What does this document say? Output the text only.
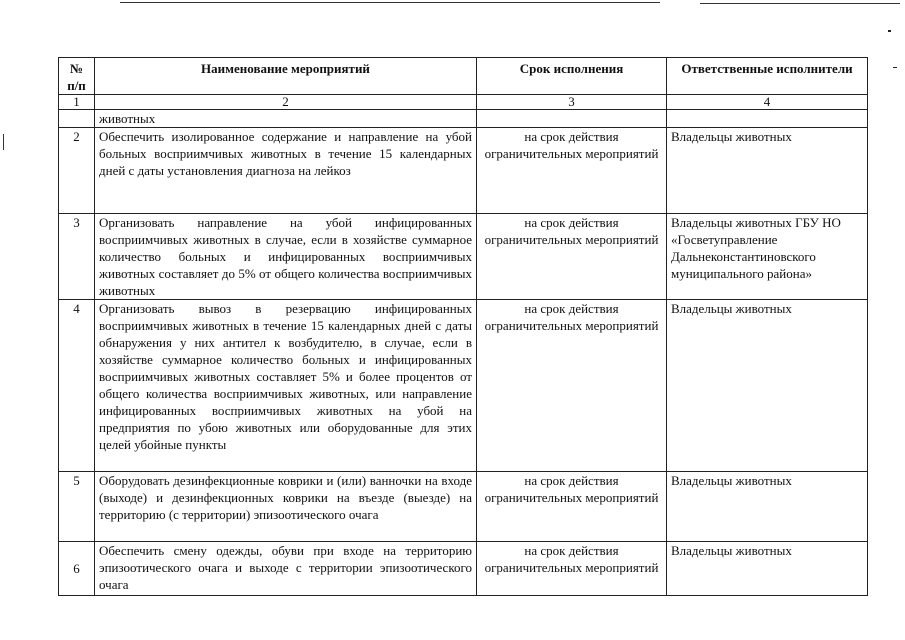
№ п/п	Наименование мероприятий	Срок исполнения	Ответственные исполнители
1	2	3	4
	животных		
2	Обеспечить изолированное содержание и направление на убой больных восприимчивых животных в течение 15 календарных дней с даты установления диагноза на лейкоз	на срок действия ограничительных мероприятий	Владельцы животных
3	Организовать направление на убой инфицированных восприимчивых животных в случае, если в хозяйстве суммарное количество больных и инфицированных восприимчивых животных составляет до 5% от общего количества восприимчивых животных	на срок действия ограничительных мероприятий	Владельцы животных ГБУ НО «Госветуправление Дальнеконстантиновского муниципального района»
4	Организовать вывоз в резервацию инфицированных восприимчивых животных в течение 15 календарных дней с даты обнаружения у них антител к возбудителю, в случае, если в хозяйстве суммарное количество больных и инфицированных восприимчивых животных составляет 5% и более процентов от общего количества восприимчивых животных, или направление инфицированных восприимчивых животных на убой на предприятия по убою животных или оборудованные для этих целей убойные пункты	на срок действия ограничительных мероприятий	Владельцы животных
5	Оборудовать дезинфекционные коврики и (или) ванночки на входе (выходе) и дезинфекционных коврики на въезде (выезде) на территорию (с территории) эпизоотического очага	на срок действия ограничительных мероприятий	Владельцы животных
6	Обеспечить смену одежды, обуви при входе на территорию эпизоотического очага и выходе с территории эпизоотического очага	на срок действия ограничительных мероприятий	Владельцы животных
